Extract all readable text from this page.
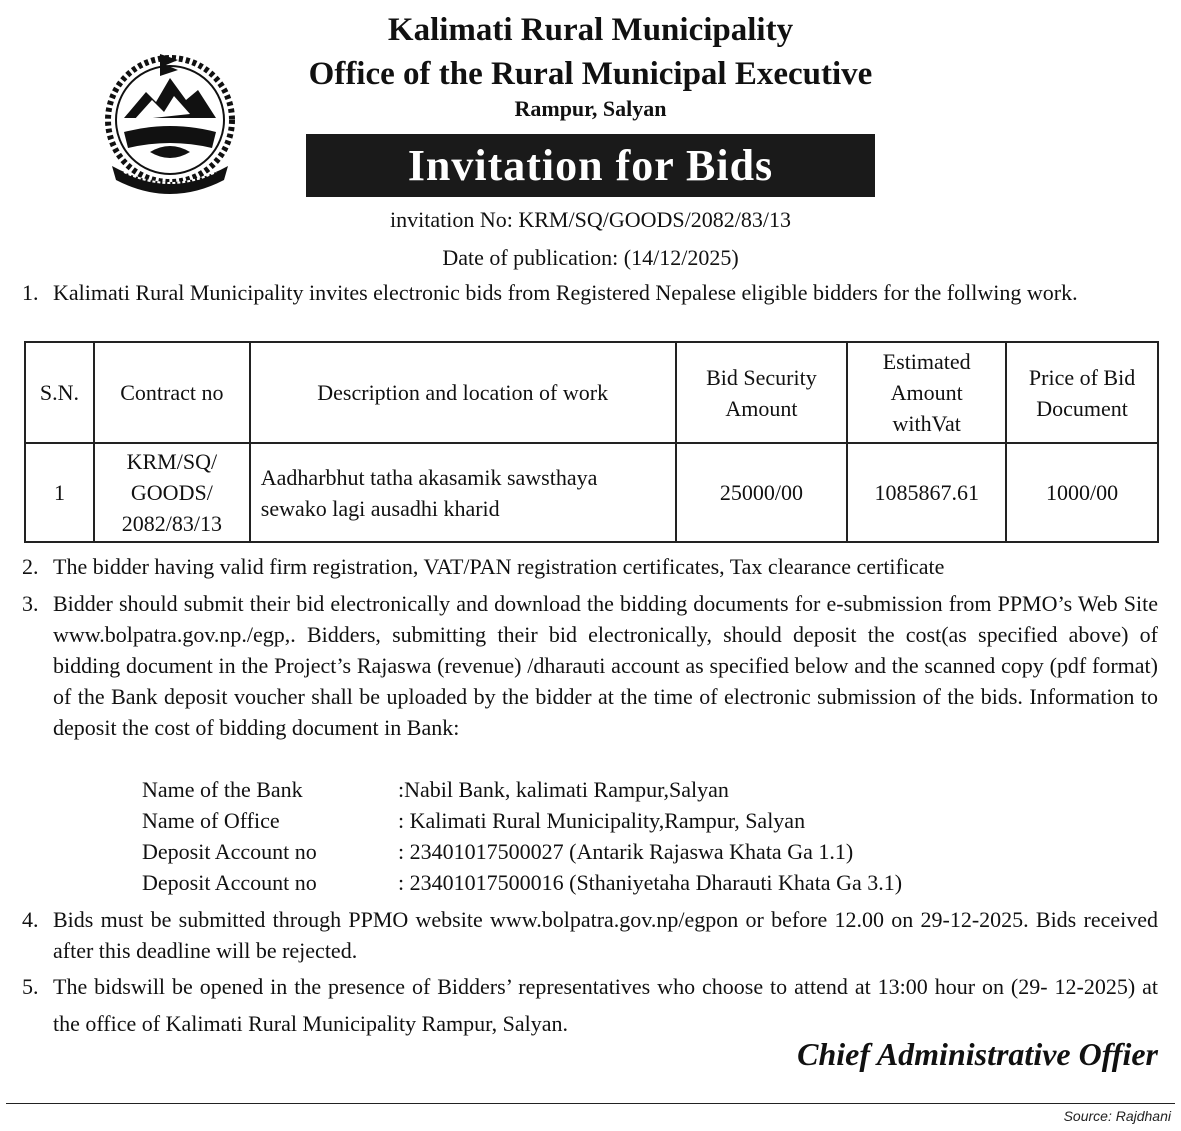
Kalimati Rural Municipality
Office of the Rural Municipal Executive
Rampur, Salyan
Invitation for Bids
invitation No: KRM/SQ/GOODS/2082/83/13
Date of publication: (14/12/2025)
1. Kalimati Rural Municipality invites electronic bids from Registered Nepalese eligible bidders for the follwing work.
S.N.	Contract no	Description and location of work	Bid Security Amount	Estimated Amount withVat	Price of Bid Document
1	KRM/SQ/ GOODS/ 2082/83/13	Aadharbhut tatha akasamik sawsthaya sewako lagi ausadhi kharid	25000/00	1085867.61	1000/00
2. The bidder having valid firm registration, VAT/PAN registration certificates, Tax clearance certificate
3. Bidder should submit their bid electronically and download the bidding documents for e-submission from PPMO’s Web Site www.bolpatra.gov.np./egp,. Bidders, submitting their bid electronically, should deposit the cost(as specified above) of bidding document in the Project’s Rajaswa (revenue) /dharauti account as specified below and the scanned copy (pdf format) of the Bank deposit voucher shall be uploaded by the bidder at the time of electronic submission of the bids. Information to deposit the cost of bidding document in Bank:
Name of the Bank	:Nabil Bank, kalimati Rampur,Salyan
Name of Office	: Kalimati Rural Municipality,Rampur, Salyan
Deposit Account no	: 23401017500027 (Antarik Rajaswa Khata Ga 1.1)
Deposit Account no	: 23401017500016 (Sthaniyetaha Dharauti Khata Ga 3.1)
4. Bids must be submitted through PPMO website www.bolpatra.gov.np/egpon or before 12.00 on 29-12-2025. Bids received after this deadline will be rejected.
5. The bidswill be opened in the presence of Bidders’ representatives who choose to attend at 13:00 hour on (29- 12-2025) at the office of Kalimati Rural Municipality Rampur, Salyan.
Chief Administrative Offier
Source: Rajdhani
